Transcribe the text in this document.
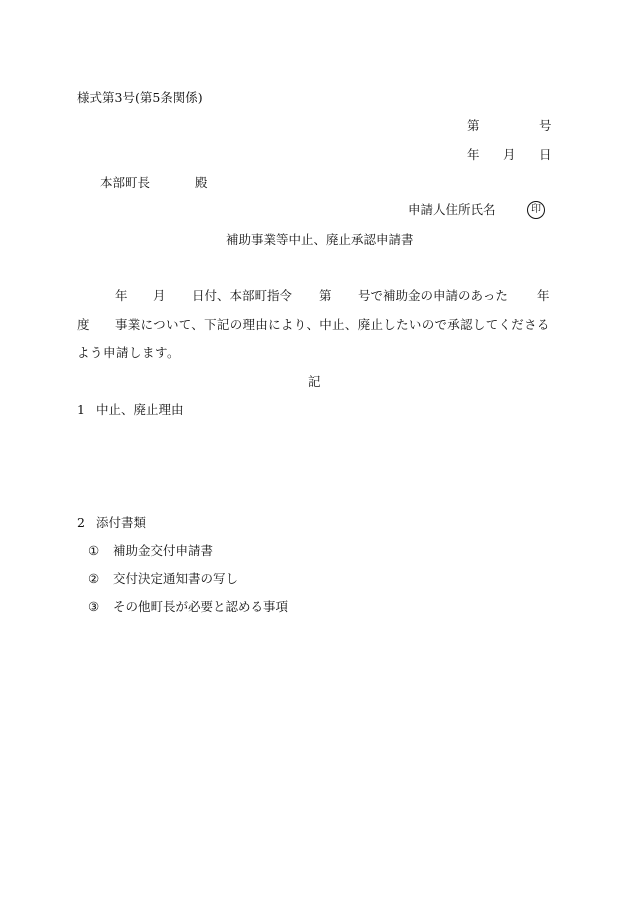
様式第3号(第5条関係)
第	号
年 月 日
本部町長	殿
申請人住所氏名	印
補助事業等中止、廃止承認申請書
年 月 日付、本部町指令 第 号で補助金の申請のあった 年
度 事業について、下記の理由により、中止、廃止したいので承認してくださる
よう申請します。
記
1 中止、廃止理由
2 添付書類
① 補助金交付申請書
② 交付決定通知書の写し
③ その他町長が必要と認める事項
